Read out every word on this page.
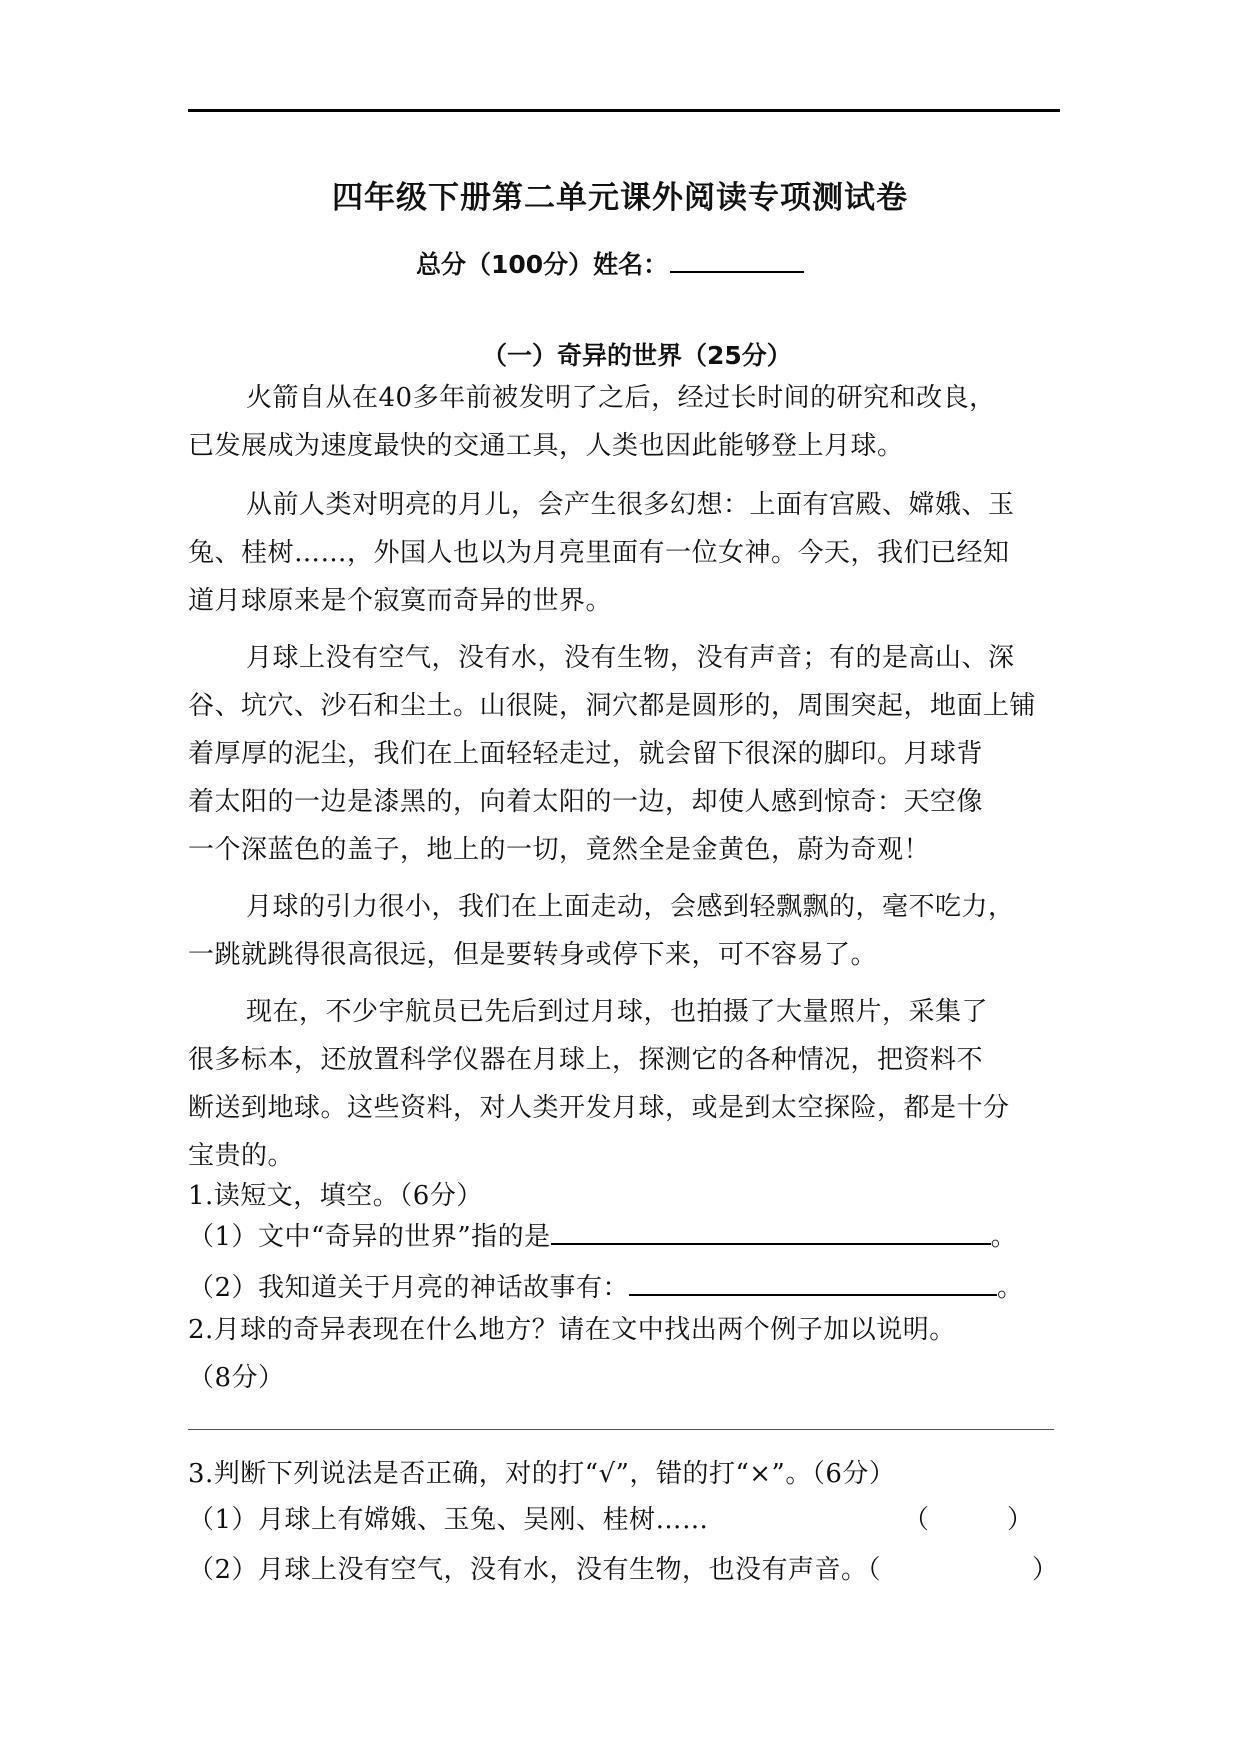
四年级下册第二单元课外阅读专项测试卷
总分（100分）姓名：
（一）奇异的世界（25分）
火箭自从在40多年前被发明了之后，经过长时间的研究和改良，
已发展成为速度最快的交通工具，人类也因此能够登上月球。
从前人类对明亮的月儿，会产生很多幻想：上面有宫殿、嫦娥、玉
兔、桂树……，外国人也以为月亮里面有一位女神。今天，我们已经知
道月球原来是个寂寞而奇异的世界。
月球上没有空气，没有水，没有生物，没有声音；有的是高山、深
谷、坑穴、沙石和尘土。山很陡，洞穴都是圆形的，周围突起，地面上铺
着厚厚的泥尘，我们在上面轻轻走过，就会留下很深的脚印。月球背
着太阳的一边是漆黑的，向着太阳的一边，却使人感到惊奇：天空像
一个深蓝色的盖子，地上的一切，竟然全是金黄色，蔚为奇观！
月球的引力很小，我们在上面走动，会感到轻飘飘的，毫不吃力，
一跳就跳得很高很远，但是要转身或停下来，可不容易了。
现在，不少宇航员已先后到过月球，也拍摄了大量照片，采集了
很多标本，还放置科学仪器在月球上，探测它的各种情况，把资料不
断送到地球。这些资料，对人类开发月球，或是到太空探险，都是十分
宝贵的。
1.读短文，填空。（6分）
（1）文中“奇异的世界”指的是	。
（2）我知道关于月亮的神话故事有：	。
2.月球的奇异表现在什么地方？请在文中找出两个例子加以说明。
（8分）
3.判断下列说法是否正确，对的打“√”，错的打“×”。（6分）
（1）月球上有嫦娥、玉兔、吴刚、桂树……	（	）
（2）月球上没有空气，没有水，没有生物，也没有声音。（	）
